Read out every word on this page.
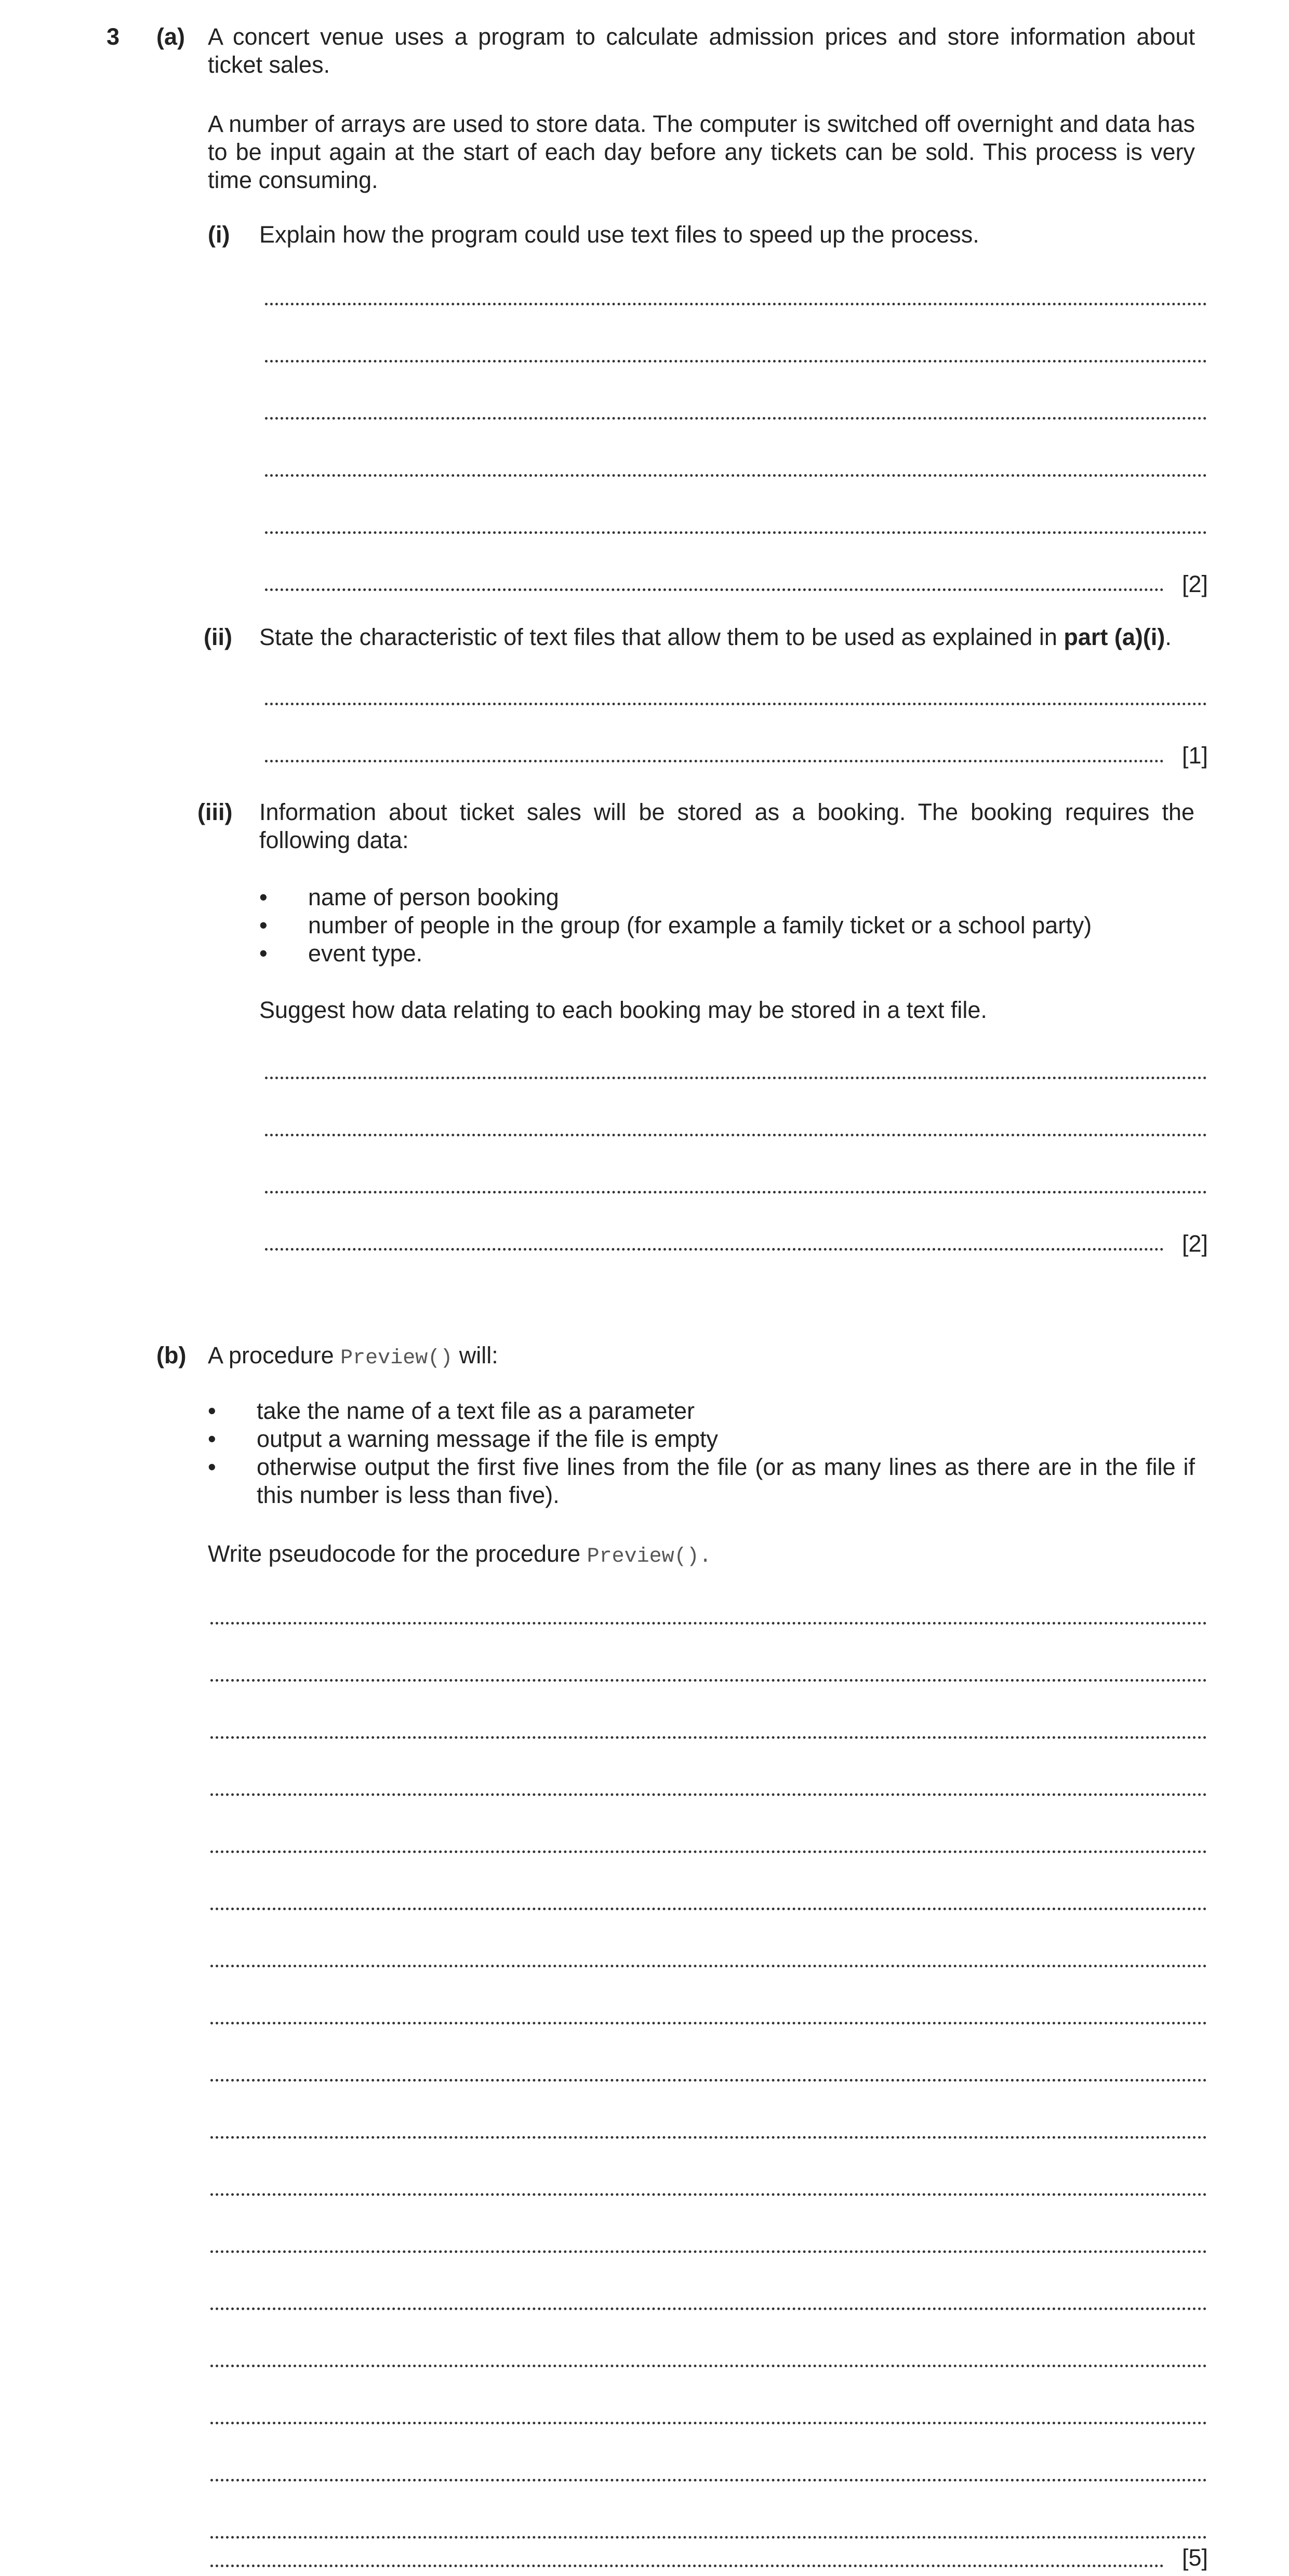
3 (a) A concert venue uses a program to calculate admission prices and store information about ticket sales.
A number of arrays are used to store data. The computer is switched off overnight and data has to be input again at the start of each day before any tickets can be sold. This process is very time consuming.
(i) Explain how the program could use text files to speed up the process.
[2]
(ii) State the characteristic of text files that allow them to be used as explained in part (a)(i).
[1]
(iii) Information about ticket sales will be stored as a booking. The booking requires the following data:
• name of person booking
• number of people in the group (for example a family ticket or a school party)
• event type.
Suggest how data relating to each booking may be stored in a text file.
[2]
(b) A procedure Preview() will:
• take the name of a text file as a parameter
• output a warning message if the file is empty
• otherwise output the first five lines from the file (or as many lines as there are in the file if this number is less than five).
Write pseudocode for the procedure Preview().
[5]
